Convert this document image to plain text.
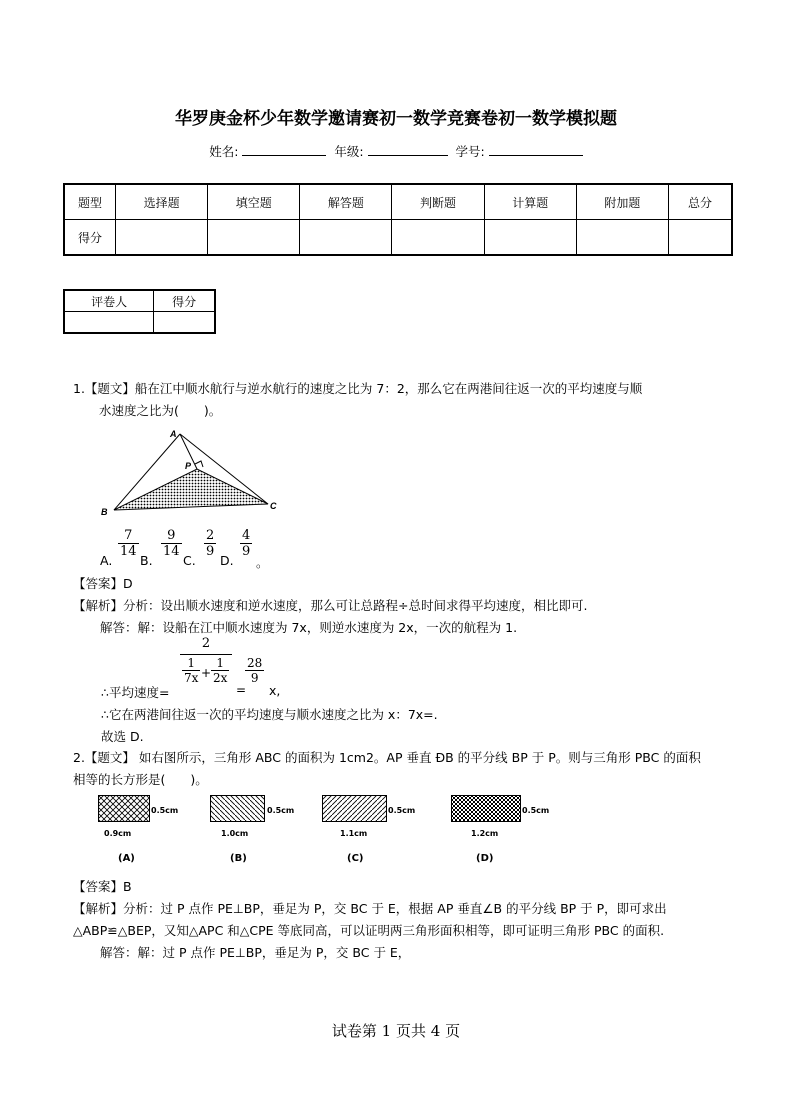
华罗庚金杯少年数学邀请赛初一数学竞赛卷初一数学模拟题
姓名:	年级:	学号:
题型	选择题	填空题	解答题	判断题	计算题	附加题	总分
得分							
评卷人	得分

1.【题文】船在江中顺水航行与逆水航行的速度之比为 7：2，那么它在两港间往返一次的平均速度与顺
水速度之比为(　　)。
A
B
C
P
A.
$\frac{7}{14}$
B.
$\frac{9}{14}$
C.
$\frac{2}{9}$
D.
$\frac{4}{9}$
。
【答案】D
【解析】分析：设出顺水速度和逆水速度，那么可让总路程÷总时间求得平均速度，相比即可.
解答：解：设船在江中顺水速度为 7x，则逆水速度为 2x，一次的航程为 1.
2
$\frac{1}{7x} + \frac{1}{2x}$
∴平均速度=	=
$\frac{28}{9}$
x,
∴它在两港间往返一次的平均速度与顺水速度之比为 x：7x=.
故选 D.
2.【题文】 如右图所示，三角形 ABC 的面积为 1cm2。AP 垂直 ÐB 的平分线 BP 于 P。则与三角形 PBC 的面积
相等的长方形是(　　)。
0.5cm
0.9cm
(A)
0.5cm
1.0cm
(B)
0.5cm
1.1cm
(C)
0.5cm
1.2cm
(D)
【答案】B
【解析】分析：过 P 点作 PE⊥BP，垂足为 P，交 BC 于 E，根据 AP 垂直∠B 的平分线 BP 于 P，即可求出
△ABP≌△BEP，又知△APC 和△CPE 等底同高，可以证明两三角形面积相等，即可证明三角形 PBC 的面积.
解答：解：过 P 点作 PE⊥BP，垂足为 P，交 BC 于 E，
试卷第 1 页共 4 页
